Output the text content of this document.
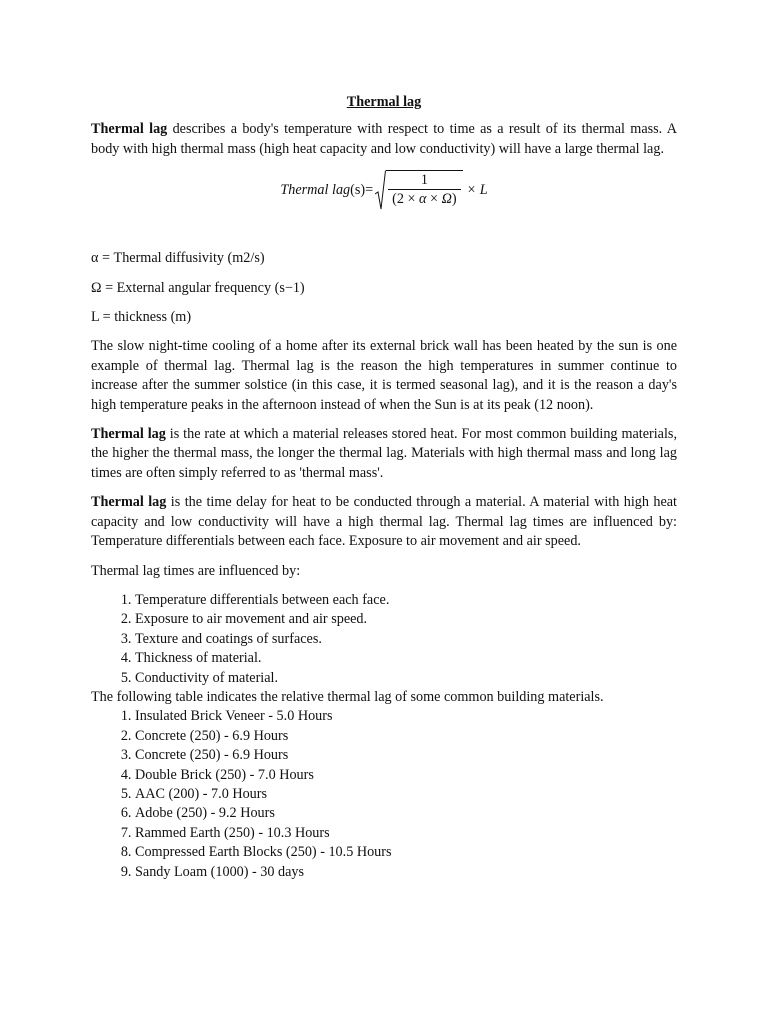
Thermal lag

Thermal lag describes a body's temperature with respect to time as a result of its thermal mass. A body with high thermal mass (high heat capacity and low conductivity) will have a large thermal lag.

Thermal lag $(s)= \frac{1}{(2 \times \alpha \times \Omega)} \times L$

α = Thermal diffusivity (m2/s)

Ω = External angular frequency (s−1)

L = thickness (m)

The slow night-time cooling of a home after its external brick wall has been heated by the sun is one example of thermal lag. Thermal lag is the reason the high temperatures in summer continue to increase after the summer solstice (in this case, it is termed seasonal lag), and it is the reason a day's high temperature peaks in the afternoon instead of when the Sun is at its peak (12 noon).

Thermal lag is the rate at which a material releases stored heat. For most common building materials, the higher the thermal mass, the longer the thermal lag. Materials with high thermal mass and long lag times are often simply referred to as 'thermal mass'.

Thermal lag is the time delay for heat to be conducted through a material. A material with high heat capacity and low conductivity will have a high thermal lag. Thermal lag times are influenced by: Temperature differentials between each face. Exposure to air movement and air speed.

Thermal lag times are influenced by:

1. Temperature differentials between each face.
2. Exposure to air movement and air speed.
3. Texture and coatings of surfaces.
4. Thickness of material.
5. Conductivity of material.

The following table indicates the relative thermal lag of some common building materials.

1. Insulated Brick Veneer - 5.0 Hours
2. Concrete (250) - 6.9 Hours
3. Concrete (250) - 6.9 Hours
4. Double Brick (250) - 7.0 Hours
5. AAC (200) - 7.0 Hours
6. Adobe (250) - 9.2 Hours
7. Rammed Earth (250) - 10.3 Hours
8. Compressed Earth Blocks (250) - 10.5 Hours
9. Sandy Loam (1000) - 30 days
